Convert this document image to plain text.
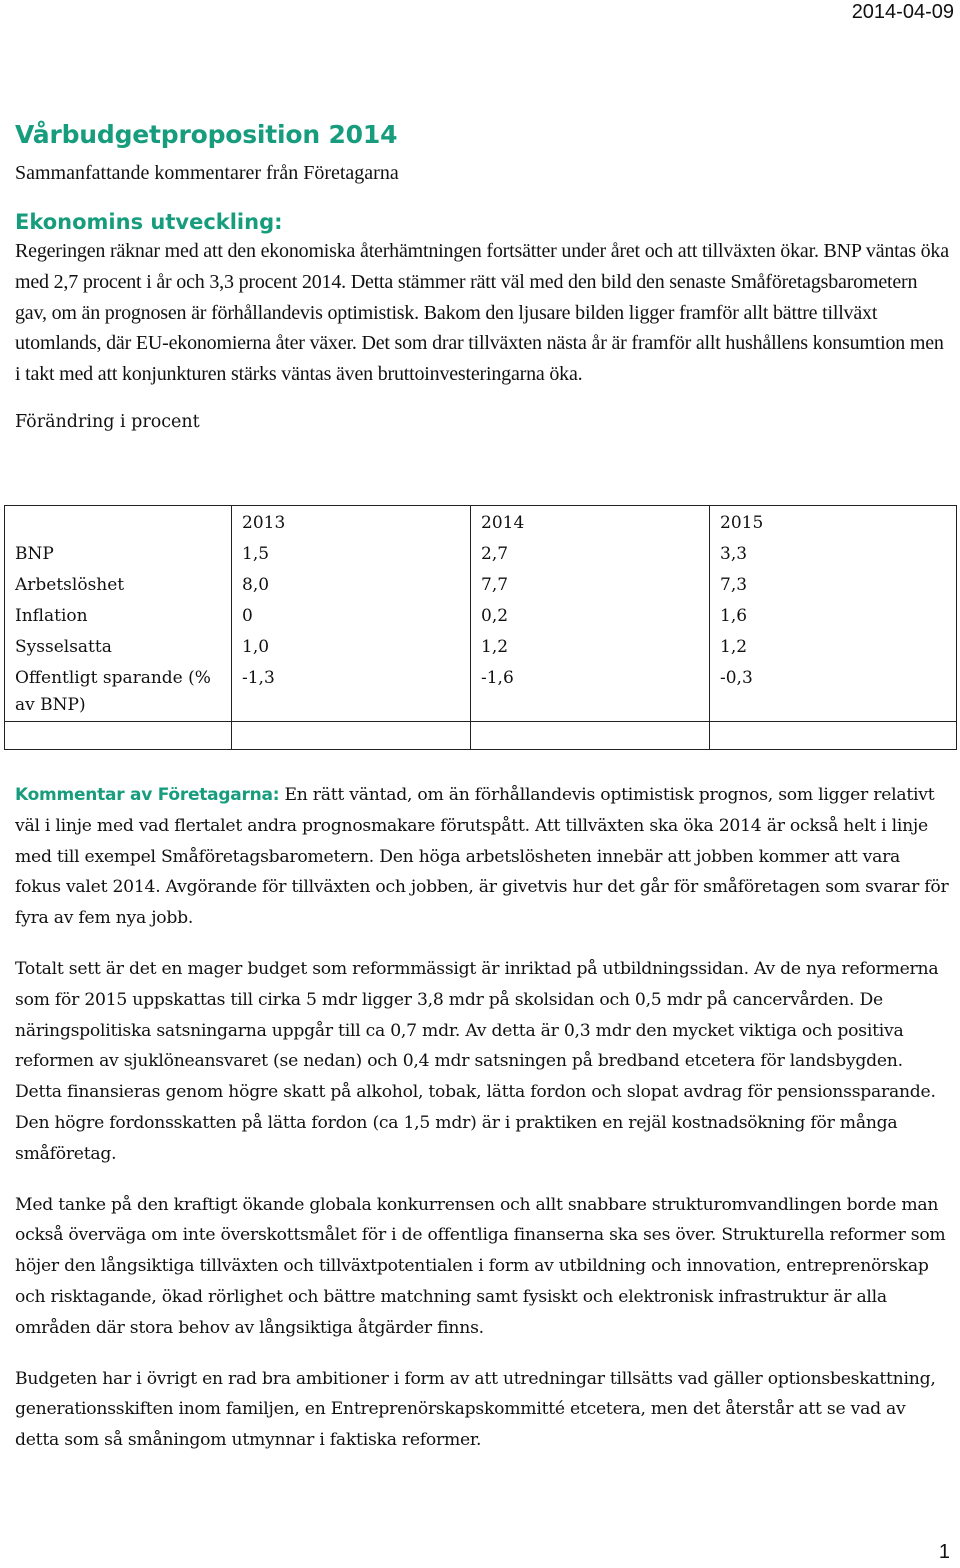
2014-04-09
Vårbudgetproposition 2014

Sammanfattande kommentarer från Företagarna

Ekonomins utveckling:

Regeringen räknar med att den ekonomiska återhämtningen fortsätter under året och att tillväxten ökar. BNP väntas öka med 2,7 procent i år och 3,3 procent 2014. Detta stämmer rätt väl med den bild den senaste Småföretagsbarometern gav, om än prognosen är förhållandevis optimistisk. Bakom den ljusare bilden ligger framför allt bättre tillväxt utomlands, där EU-ekonomierna åter växer. Det som drar tillväxten nästa år är framför allt hushållens konsumtion men i takt med att konjunkturen stärks väntas även bruttoinvesteringarna öka.

Förändring i procent

	2013	2014	2015
BNP	1,5	2,7	3,3
Arbetslöshet	8,0	7,7	7,3
Inflation	0	0,2	1,6
Sysselsatta	1,0	1,2	1,2
Offentligt sparande (% av BNP)	-1,3	-1,6	-0,3

Kommentar av Företagarna: En rätt väntad, om än förhållandevis optimistisk prognos, som ligger relativt väl i linje med vad flertalet andra prognosmakare förutspått. Att tillväxten ska öka 2014 är också helt i linje med till exempel Småföretagsbarometern. Den höga arbetslösheten innebär att jobben kommer att vara fokus valet 2014. Avgörande för tillväxten och jobben, är givetvis hur det går för småföretagen som svarar för fyra av fem nya jobb.

Totalt sett är det en mager budget som reformmässigt är inriktad på utbildningssidan. Av de nya reformerna som för 2015 uppskattas till cirka 5 mdr ligger 3,8 mdr på skolsidan och 0,5 mdr på cancervården. De näringspolitiska satsningarna uppgår till ca 0,7 mdr. Av detta är 0,3 mdr den mycket viktiga och positiva reformen av sjuklöneansvaret (se nedan) och 0,4 mdr satsningen på bredband etcetera för landsbygden. Detta finansieras genom högre skatt på alkohol, tobak, lätta fordon och slopat avdrag för pensionssparande. Den högre fordonsskatten på lätta fordon (ca 1,5 mdr) är i praktiken en rejäl kostnadsökning för många småföretag.

Med tanke på den kraftigt ökande globala konkurrensen och allt snabbare strukturomvandlingen borde man också överväga om inte överskottsmålet för i de offentliga finanserna ska ses över. Strukturella reformer som höjer den långsiktiga tillväxten och tillväxtpotentialen i form av utbildning och innovation, entreprenörskap och risktagande, ökad rörlighet och bättre matchning samt fysiskt och elektronisk infrastruktur är alla områden där stora behov av långsiktiga åtgärder finns.

Budgeten har i övrigt en rad bra ambitioner i form av att utredningar tillsätts vad gäller optionsbeskattning, generationsskiften inom familjen, en Entreprenörskapskommitté etcetera, men det återstår att se vad av detta som så småningom utmynnar i faktiska reformer.

1
